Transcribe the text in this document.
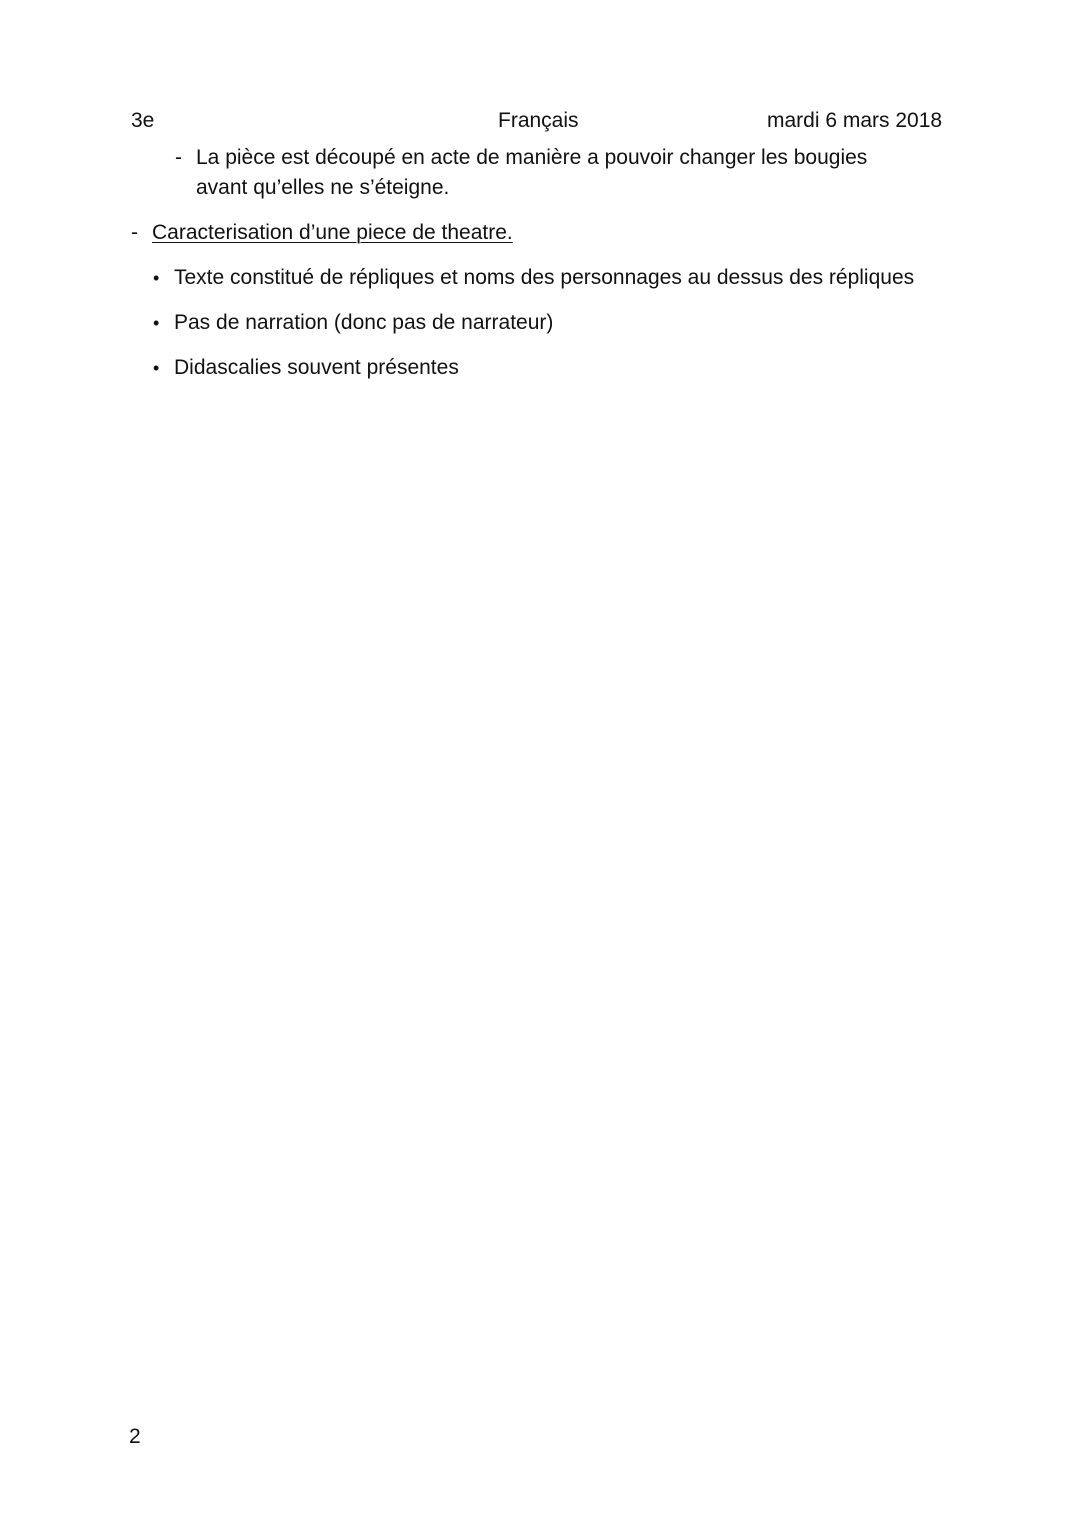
3e	Français	mardi 6 mars 2018
- La pièce est découpé en acte de manière a pouvoir changer les bougies
avant qu’elles ne s’éteigne.
- Caracterisation d’une piece de theatre.
• Texte constitué de répliques et noms des personnages au dessus des répliques
• Pas de narration (donc pas de narrateur)
• Didascalies souvent présentes
2
